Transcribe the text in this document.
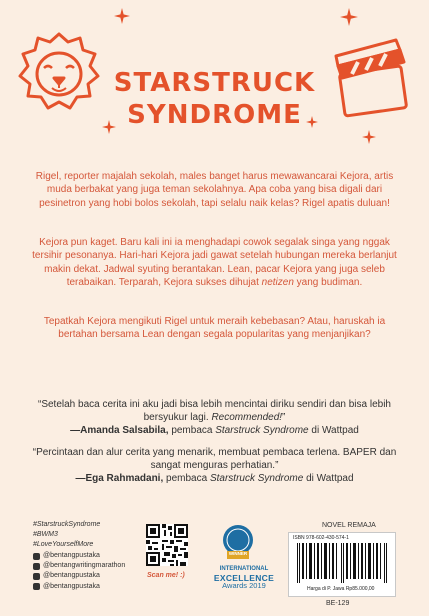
STARSTRUCK
SYNDROME

Rigel, reporter majalah sekolah, males banget harus mewawancarai Kejora, artis muda berbakat yang juga teman sekolahnya. Apa coba yang bisa digali dari pesinetron yang hobi bolos sekolah, tapi selalu naik kelas? Rigel apatis duluan!

Kejora pun kaget. Baru kali ini ia menghadapi cowok segalak singa yang nggak tersihir pesonanya. Hari-hari Kejora jadi gawat setelah hubungan mereka berlanjut makin dekat. Jadwal syuting berantakan. Lean, pacar Kejora yang juga seleb terabaikan. Terparah, Kejora sukses dihujat netizen yang budiman.

Tepatkah Kejora mengikuti Rigel untuk meraih kebebasan? Atau, haruskah ia bertahan bersama Lean dengan segala popularitas yang menjanjikan?

“Setelah baca cerita ini aku jadi bisa lebih mencintai diriku sendiri dan bisa lebih bersyukur lagi. Recommended!”
—Amanda Salsabila, pembaca Starstruck Syndrome di Wattpad
“Percintaan dan alur cerita yang menarik, membuat pembaca terlena. BAPER dan sangat menguras perhatian.”
—Ega Rahmadani, pembaca Starstruck Syndrome di Wattpad
#StarstruckSyndrome
#BWM3
#LoveYourselfMore
@bentangpustaka
@bentangwritingmarathon
@bentangpustaka
@bentangpustaka
Scan me! :)
WINNER
INTERNATIONAL
EXCELLENCE
Awards 2019
NOVEL REMAJA
ISBN 978-602-430-574-1
Harga di P. Jawa Rp85.000,00
BE-129
